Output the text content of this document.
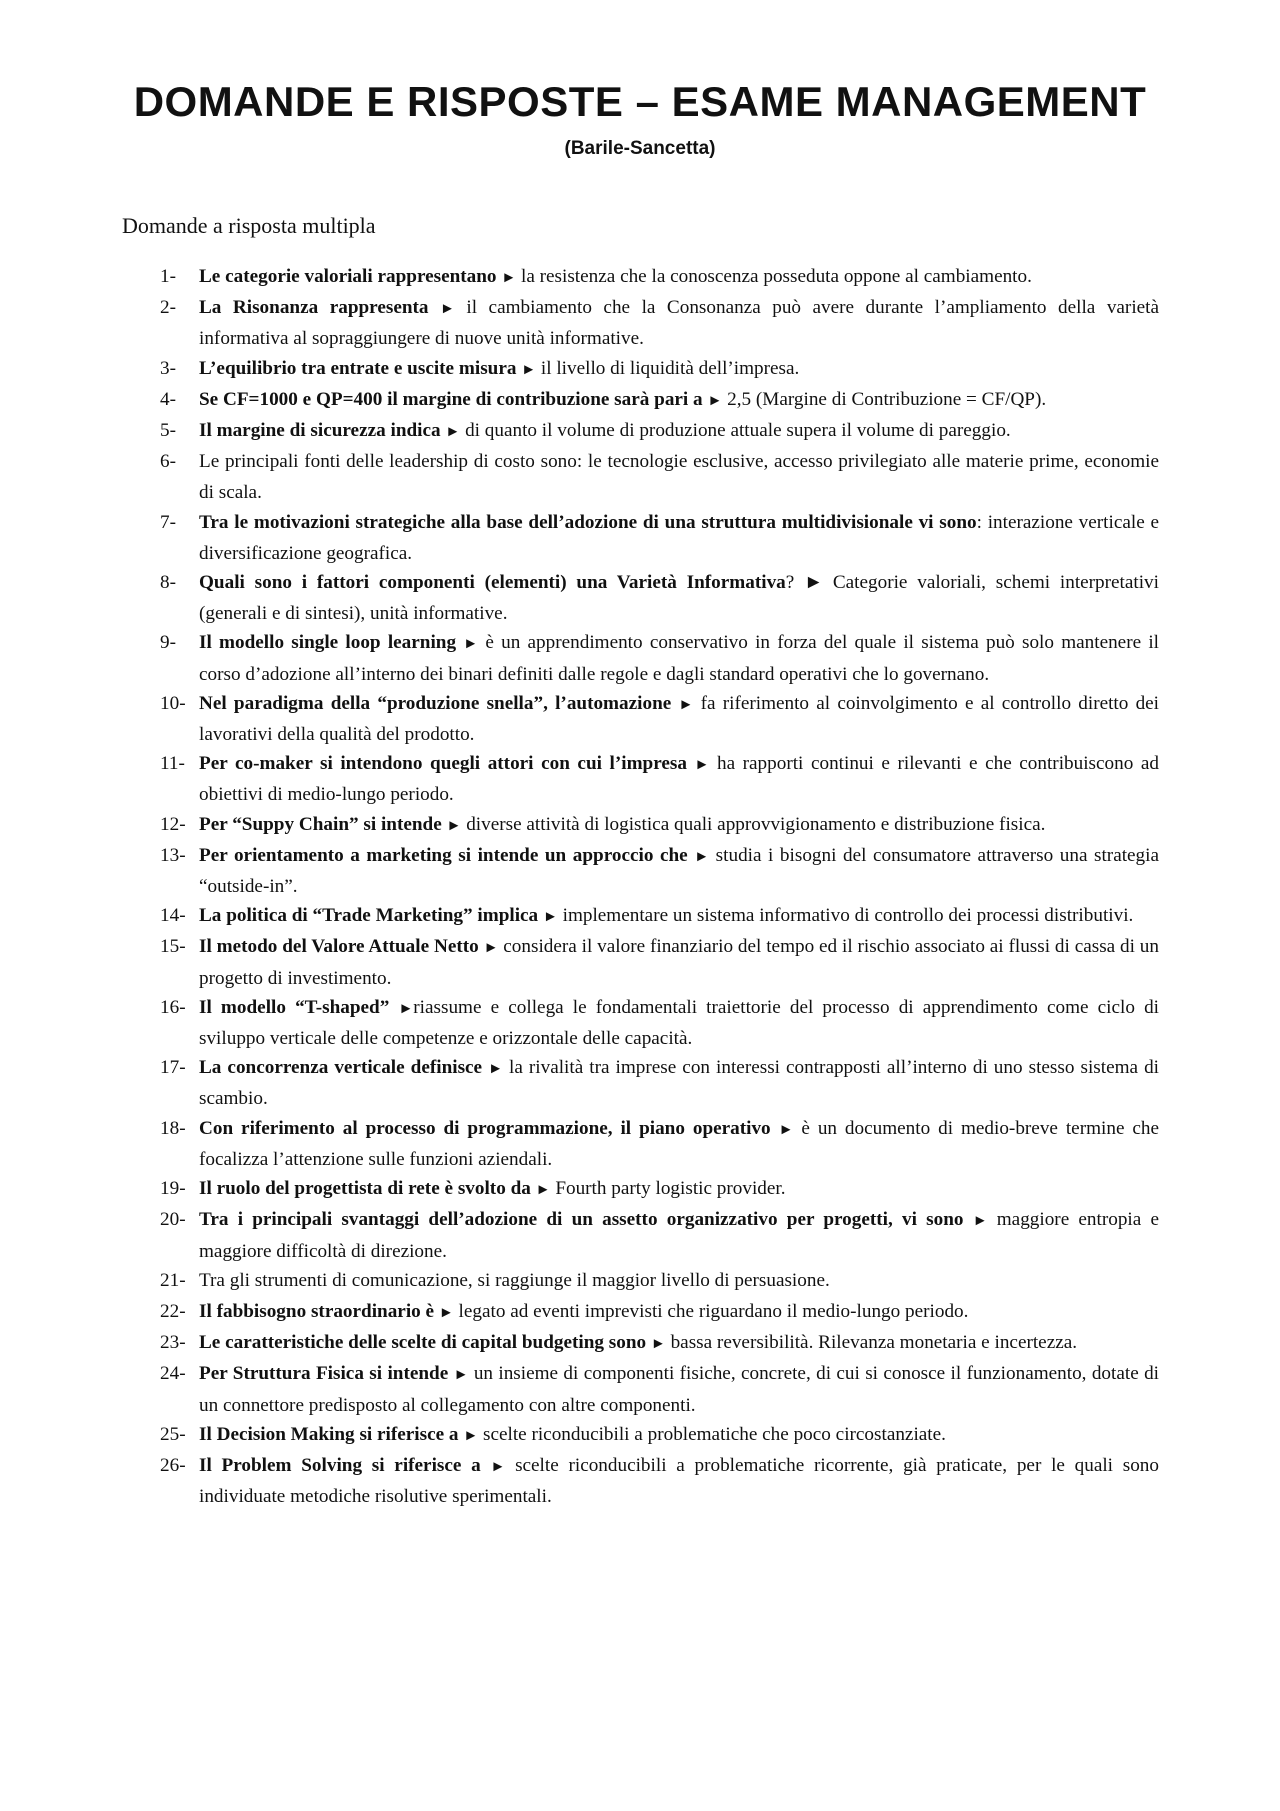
DOMANDE E RISPOSTE – ESAME MANAGEMENT
(Barile-Sancetta)
Domande a risposta multipla
1- Le categorie valoriali rappresentano ► la resistenza che la conoscenza posseduta oppone al cambiamento.
2- La Risonanza rappresenta ► il cambiamento che la Consonanza può avere durante l’ampliamento della varietà informativa al sopraggiungere di nuove unità informative.
3- L’equilibrio tra entrate e uscite misura ► il livello di liquidità dell’impresa.
4- Se CF=1000 e QP=400 il margine di contribuzione sarà pari a ► 2,5 (Margine di Contribuzione = CF/QP).
5- Il margine di sicurezza indica ► di quanto il volume di produzione attuale supera il volume di pareggio.
6- Le principali fonti delle leadership di costo sono: le tecnologie esclusive, accesso privilegiato alle materie prime, economie di scala.
7- Tra le motivazioni strategiche alla base dell’adozione di una struttura multidivisionale vi sono: interazione verticale e diversificazione geografica.
8- Quali sono i fattori componenti (elementi) una Varietà Informativa? ► Categorie valoriali, schemi interpretativi (generali e di sintesi), unità informative.
9- Il modello single loop learning ► è un apprendimento conservativo in forza del quale il sistema può solo mantenere il corso d’adozione all’interno dei binari definiti dalle regole e dagli standard operativi che lo governano.
10- Nel paradigma della “produzione snella”, l’automazione ► fa riferimento al coinvolgimento e al controllo diretto dei lavorativi della qualità del prodotto.
11- Per co-maker si intendono quegli attori con cui l’impresa ► ha rapporti continui e rilevanti e che contribuiscono ad obiettivi di medio-lungo periodo.
12- Per “Suppy Chain” si intende ► diverse attività di logistica quali approvvigionamento e distribuzione fisica.
13- Per orientamento a marketing si intende un approccio che ► studia i bisogni del consumatore attraverso una strategia “outside-in”.
14- La politica di “Trade Marketing” implica ► implementare un sistema informativo di controllo dei processi distributivi.
15- Il metodo del Valore Attuale Netto ► considera il valore finanziario del tempo ed il rischio associato ai flussi di cassa di un progetto di investimento.
16- Il modello “T-shaped” ►riassume e collega le fondamentali traiettorie del processo di apprendimento come ciclo di sviluppo verticale delle competenze e orizzontale delle capacità.
17- La concorrenza verticale definisce ► la rivalità tra imprese con interessi contrapposti all’interno di uno stesso sistema di scambio.
18- Con riferimento al processo di programmazione, il piano operativo ► è un documento di medio-breve termine che focalizza l’attenzione sulle funzioni aziendali.
19- Il ruolo del progettista di rete è svolto da ► Fourth party logistic provider.
20- Tra i principali svantaggi dell’adozione di un assetto organizzativo per progetti, vi sono ► maggiore entropia e maggiore difficoltà di direzione.
21- Tra gli strumenti di comunicazione, si raggiunge il maggior livello di persuasione.
22- Il fabbisogno straordinario è ► legato ad eventi imprevisti che riguardano il medio-lungo periodo.
23- Le caratteristiche delle scelte di capital budgeting sono ► bassa reversibilità. Rilevanza monetaria e incertezza.
24- Per Struttura Fisica si intende ► un insieme di componenti fisiche, concrete, di cui si conosce il funzionamento, dotate di un connettore predisposto al collegamento con altre componenti.
25- Il Decision Making si riferisce a ► scelte riconducibili a problematiche che poco circostanziate.
26- Il Problem Solving si riferisce a ► scelte riconducibili a problematiche ricorrente, già praticate, per le quali sono individuate metodiche risolutive sperimentali.
